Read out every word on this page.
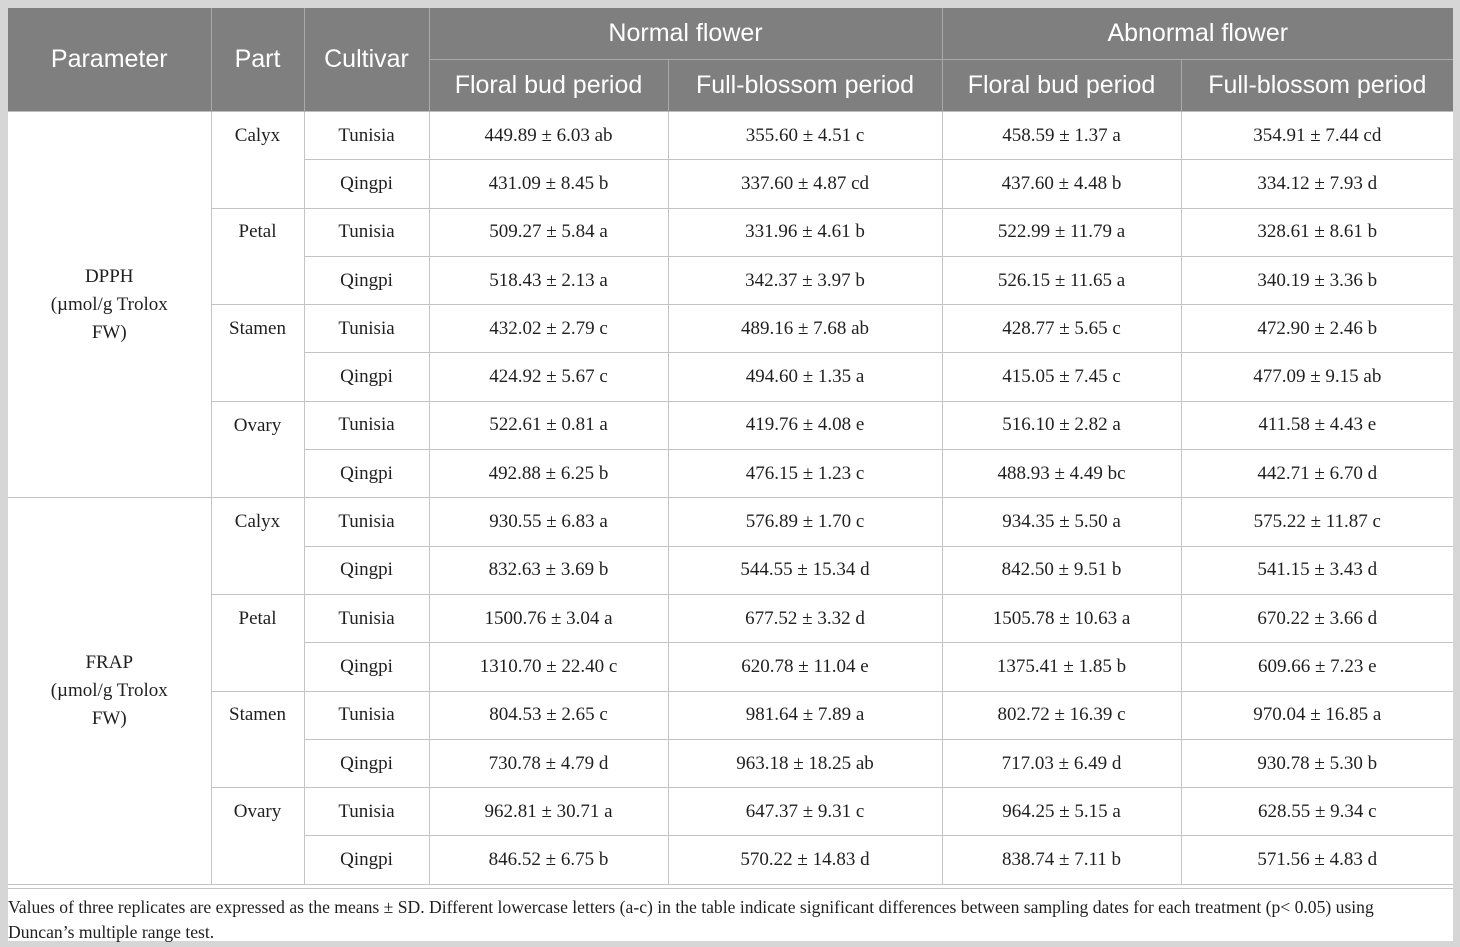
Parameter	Part	Cultivar	Normal flower		Abnormal flower	
			Floral bud period	Full-blossom period	Floral bud period	Full-blossom period

DPPH
(µmol/g Trolox
FW)	Calyx	Tunisia	449.89 ± 6.03 ab	355.60 ± 4.51 c	458.59 ± 1.37 a	354.91 ± 7.44 cd
		Qingpi	431.09 ± 8.45 b	337.60 ± 4.87 cd	437.60 ± 4.48 b	334.12 ± 7.93 d
	Petal	Tunisia	509.27 ± 5.84 a	331.96 ± 4.61 b	522.99 ± 11.79 a	328.61 ± 8.61 b
		Qingpi	518.43 ± 2.13 a	342.37 ± 3.97 b	526.15 ± 11.65 a	340.19 ± 3.36 b
	Stamen	Tunisia	432.02 ± 2.79 c	489.16 ± 7.68 ab	428.77 ± 5.65 c	472.90 ± 2.46 b
		Qingpi	424.92 ± 5.67 c	494.60 ± 1.35 a	415.05 ± 7.45 c	477.09 ± 9.15 ab
	Ovary	Tunisia	522.61 ± 0.81 a	419.76 ± 4.08 e	516.10 ± 2.82 a	411.58 ± 4.43 e
		Qingpi	492.88 ± 6.25 b	476.15 ± 1.23 c	488.93 ± 4.49 bc	442.71 ± 6.70 d

FRAP
(µmol/g Trolox
FW)	Calyx	Tunisia	930.55 ± 6.83 a	576.89 ± 1.70 c	934.35 ± 5.50 a	575.22 ± 11.87 c
		Qingpi	832.63 ± 3.69 b	544.55 ± 15.34 d	842.50 ± 9.51 b	541.15 ± 3.43 d
	Petal	Tunisia	1500.76 ± 3.04 a	677.52 ± 3.32 d	1505.78 ± 10.63 a	670.22 ± 3.66 d
		Qingpi	1310.70 ± 22.40 c	620.78 ± 11.04 e	1375.41 ± 1.85 b	609.66 ± 7.23 e
	Stamen	Tunisia	804.53 ± 2.65 c	981.64 ± 7.89 a	802.72 ± 16.39 c	970.04 ± 16.85 a
		Qingpi	730.78 ± 4.79 d	963.18 ± 18.25 ab	717.03 ± 6.49 d	930.78 ± 5.30 b
	Ovary	Tunisia	962.81 ± 30.71 a	647.37 ± 9.31 c	964.25 ± 5.15 a	628.55 ± 9.34 c
		Qingpi	846.52 ± 6.75 b	570.22 ± 14.83 d	838.74 ± 7.11 b	571.56 ± 4.83 d
Values of three replicates are expressed as the means ± SD. Different lowercase letters (a-c) in the table indicate significant differences between sampling dates for each treatment (p< 0.05) using
Duncan’s multiple range test.
